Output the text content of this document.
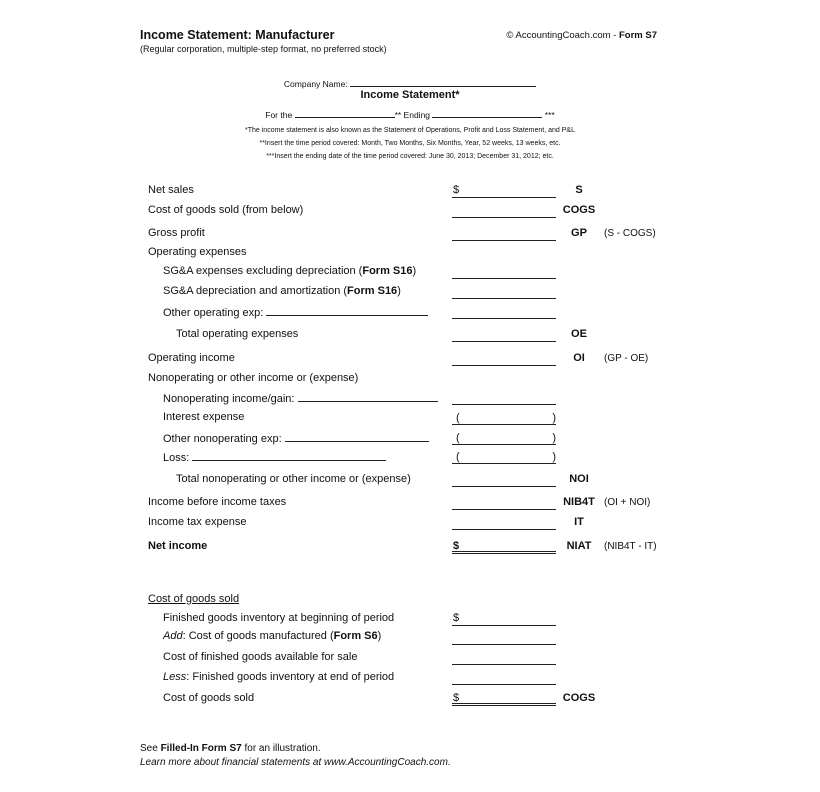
Income Statement: Manufacturer
(Regular corporation, multiple-step format, no preferred stock)
© AccountingCoach.com - Form S7
Company Name:
Income Statement*
For the	** Ending	***
*The income statement is also known as the Statement of Operations, Profit and Loss Statement, and P&L
**Insert the time period covered: Month, Two Months, Six Months, Year, 52 weeks, 13 weeks, etc.
***Insert the ending date of the time period covered: June 30, 2013; December 31, 2012; etc.
Net sales	$	S
Cost of goods sold (from below)	COGS
Gross profit	GP	(S - COGS)
Operating expenses
SG&A expenses excluding depreciation (Form S16)
SG&A depreciation and amortization (Form S16)
Other operating exp:
Total operating expenses	OE
Operating income	OI	(GP - OE)
Nonoperating or other income or (expense)
Nonoperating income/gain:
Interest expense	(	)
Other nonoperating exp:	(	)
Loss:	(	)
Total nonoperating or other income or (expense)	NOI
Income before income taxes	NIB4T (OI + NOI)
Income tax expense	IT
Net income	$	NIAT	(NIB4T - IT)
Cost of goods sold
Finished goods inventory at beginning of period	$
Add: Cost of goods manufactured (Form S6)
Cost of finished goods available for sale
Less: Finished goods inventory at end of period
Cost of goods sold	$	COGS
See Filled-In Form S7 for an illustration.
Learn more about financial statements at www.AccountingCoach.com.
